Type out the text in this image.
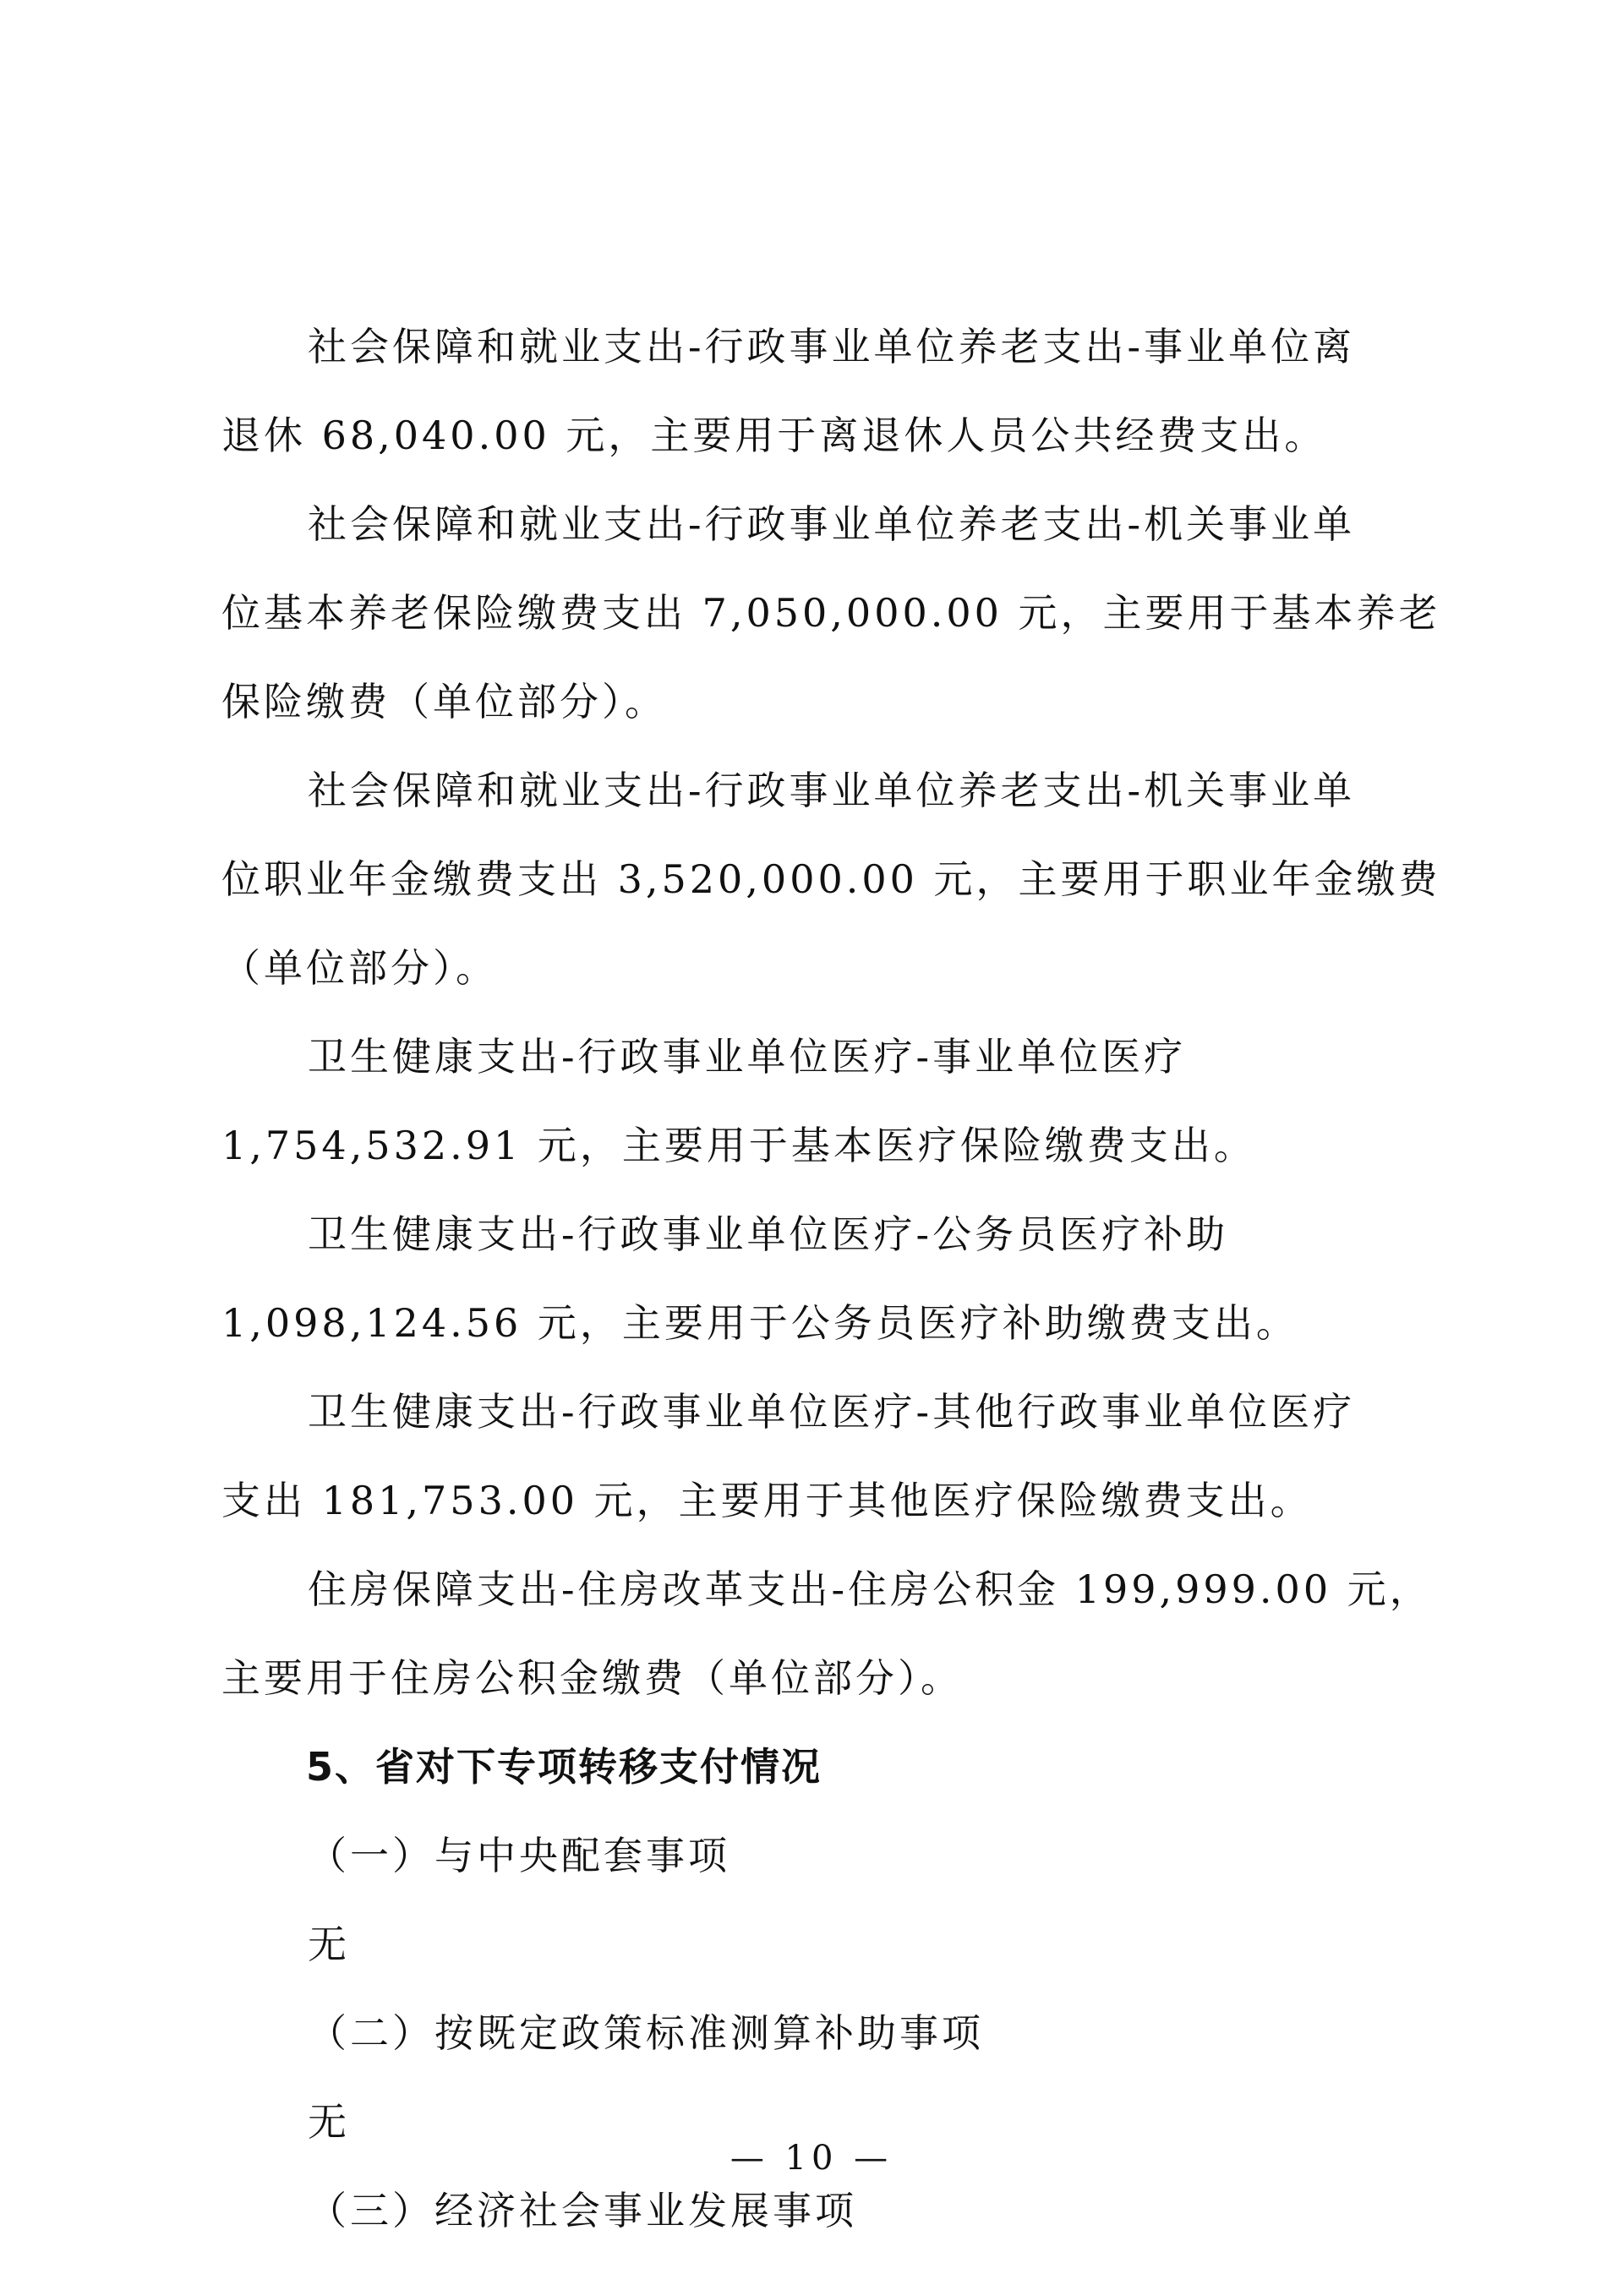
社会保障和就业支出-行政事业单位养老支出-事业单位离
退休 68,040.00 元，主要用于离退休人员公共经费支出。
社会保障和就业支出-行政事业单位养老支出-机关事业单
位基本养老保险缴费支出 7,050,000.00 元，主要用于基本养老
保险缴费（单位部分）。
社会保障和就业支出-行政事业单位养老支出-机关事业单
位职业年金缴费支出 3,520,000.00 元，主要用于职业年金缴费
（单位部分）。
卫生健康支出-行政事业单位医疗-事业单位医疗
1,754,532.91 元，主要用于基本医疗保险缴费支出。
卫生健康支出-行政事业单位医疗-公务员医疗补助
1,098,124.56 元，主要用于公务员医疗补助缴费支出。
卫生健康支出-行政事业单位医疗-其他行政事业单位医疗
支出 181,753.00 元，主要用于其他医疗保险缴费支出。
住房保障支出-住房改革支出-住房公积金 199,999.00 元，
主要用于住房公积金缴费（单位部分）。
5、省对下专项转移支付情况
（一）与中央配套事项
无
（二）按既定政策标准测算补助事项
无
（三）经济社会事业发展事项
— 10 —
